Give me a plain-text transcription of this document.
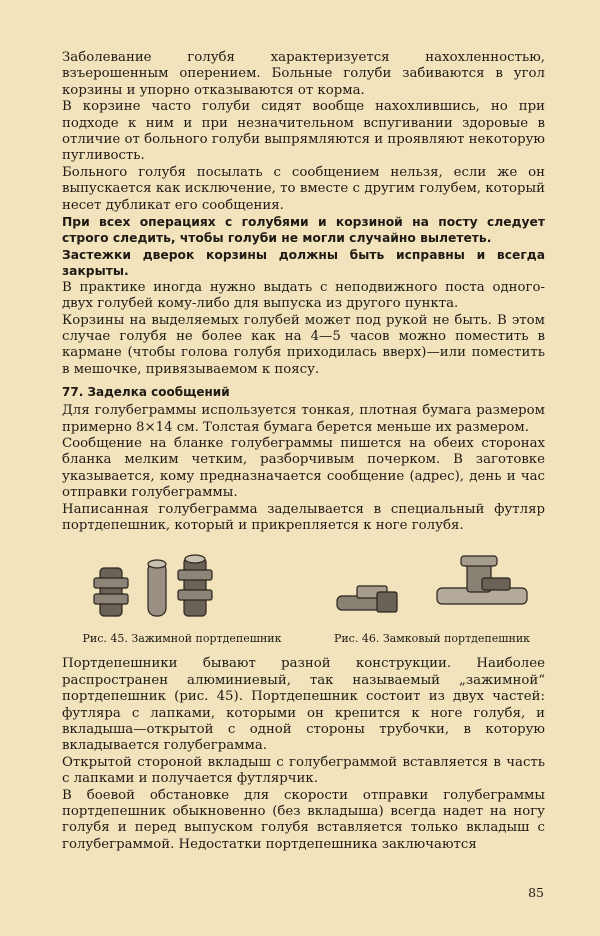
Заболевание голубя характеризуется нахохленностью, взъерошенным оперением. Больные голуби забиваются в угол корзины и упорно отказываются от корма.

В корзине часто голуби сидят вообще нахохлившись, но при подходе к ним и при незначительном вспугивании здоровые в отличие от больного голуби выпрямляются и проявляют некоторую пугливость.

Больного голубя посылать с сообщением нельзя, если же он выпускается как исключение, то вместе с другим голубем, который несет дубликат его сообщения.

При всех операциях с голубями и корзиной на посту следует строго следить, чтобы голуби не могли случайно вылететь.

Застежки дверок корзины должны быть исправны и всегда закрыты.

В практике иногда нужно выдать с неподвижного поста одного-двух голубей кому-либо для выпуска из другого пункта.

Корзины на выделяемых голубей может под рукой не быть. В этом случае голубя не более как на 4—5 часов можно поместить в кармане (чтобы голова голубя приходилась вверх)—или поместить в мешочке, привязываемом к поясу.

77. Заделка сообщений

Для голубеграммы используется тонкая, плотная бумага размером примерно 8×14 см. Толстая бумага берется меньше их размером.

Сообщение на бланке голубеграммы пишется на обеих сторонах бланка мелким четким, разборчивым почерком. В заготовке указывается, кому предназначается сообщение (адрес), день и час отправки голубеграммы.

Написанная голубеграмма заделывается в специальный футляр портдепешник, который и прикрепляется к ноге голубя.

Рис. 45. Зажимной портдепешник	Рис. 46. Замковый портдепешник

Портдепешники бывают разной конструкции. Наиболее распространен алюминиевый, так называемый „зажимной“ портдепешник (рис. 45). Портдепешник состоит из двух частей: футляра с лапками, которыми он крепится к ноге голубя, и вкладыша—открытой с одной стороны трубочки, в которую вкладывается голубеграмма.

Открытой стороной вкладыш с голубеграммой вставляется в часть с лапками и получается футлярчик.

В боевой обстановке для скорости отправки голубеграммы портдепешник обыкновенно (без вкладыша) всегда надет на ногу голубя и перед выпуском голубя вставляется только вкладыш с голубеграммой. Недостатки портдепешника заключаются

85
